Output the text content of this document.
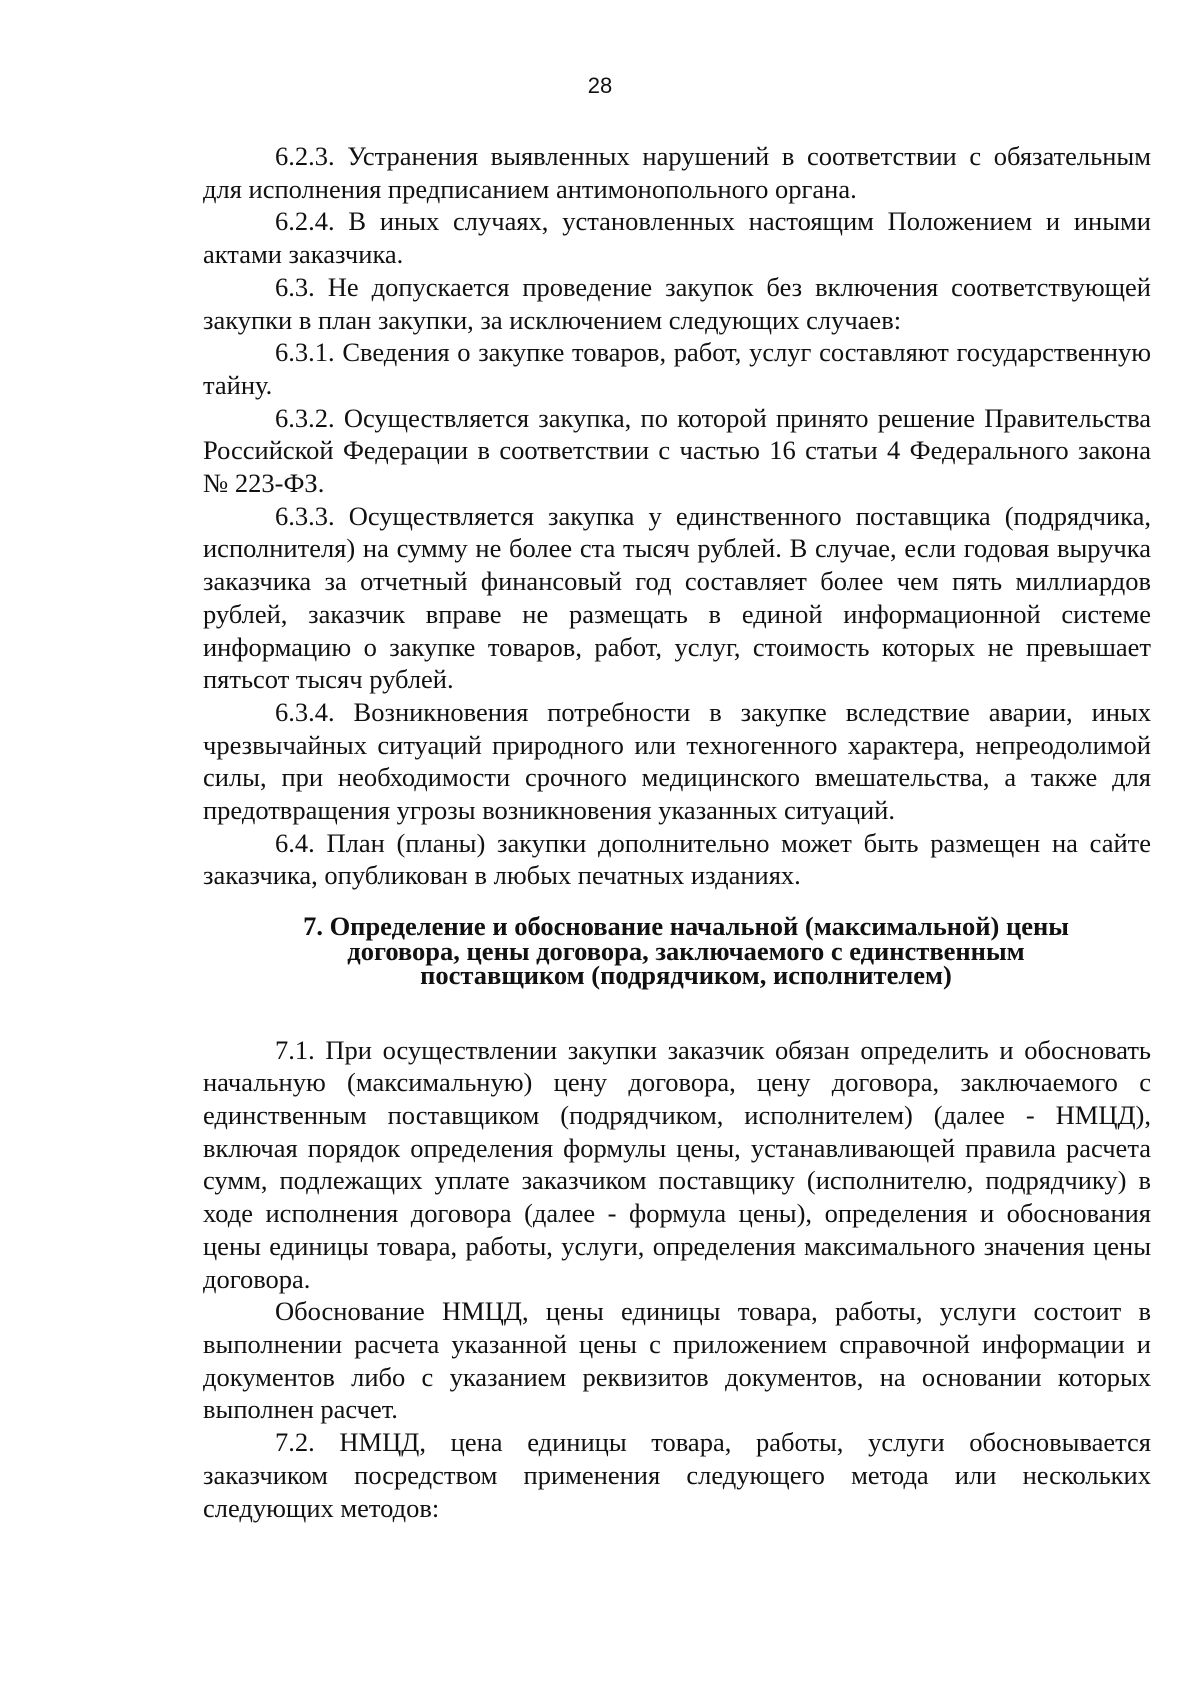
28

6.2.3. Устранения выявленных нарушений в соответствии с обязательным для исполнения предписанием антимонопольного органа.

6.2.4. В иных случаях, установленных настоящим Положением и иными актами заказчика.

6.3. Не допускается проведение закупок без включения соответствующей закупки в план закупки, за исключением следующих случаев:

6.3.1. Сведения о закупке товаров, работ, услуг составляют государственную тайну.

6.3.2. Осуществляется закупка, по которой принято решение Правительства Российской Федерации в соответствии с частью 16 статьи 4 Федерального закона № 223-ФЗ.

6.3.3. Осуществляется закупка у единственного поставщика (подрядчика, исполнителя) на сумму не более ста тысяч рублей. В случае, если годовая выручка заказчика за отчетный финансовый год составляет более чем пять миллиардов рублей, заказчик вправе не размещать в единой информационной системе информацию о закупке товаров, работ, услуг, стоимость которых не превышает пятьсот тысяч рублей.

6.3.4. Возникновения потребности в закупке вследствие аварии, иных чрезвычайных ситуаций природного или техногенного характера, непреодолимой силы, при необходимости срочного медицинского вмешательства, а также для предотвращения угрозы возникновения указанных ситуаций.

6.4. План (планы) закупки дополнительно может быть размещен на сайте заказчика, опубликован в любых печатных изданиях.

7. Определение и обоснование начальной (максимальной) цены
договора, цены договора, заключаемого с единственным
поставщиком (подрядчиком, исполнителем)

7.1. При осуществлении закупки заказчик обязан определить и обосновать начальную (максимальную) цену договора, цену договора, заключаемого с единственным поставщиком (подрядчиком, исполнителем) (далее - НМЦД), включая порядок определения формулы цены, устанавливающей правила расчета сумм, подлежащих уплате заказчиком поставщику (исполнителю, подрядчику) в ходе исполнения договора (далее - формула цены), определения и обоснования цены единицы товара, работы, услуги, определения максимального значения цены договора.

Обоснование НМЦД, цены единицы товара, работы, услуги состоит в выполнении расчета указанной цены с приложением справочной информации и документов либо с указанием реквизитов документов, на основании которых выполнен расчет.

7.2. НМЦД, цена единицы товара, работы, услуги обосновывается заказчиком посредством применения следующего метода или нескольких следующих методов:
